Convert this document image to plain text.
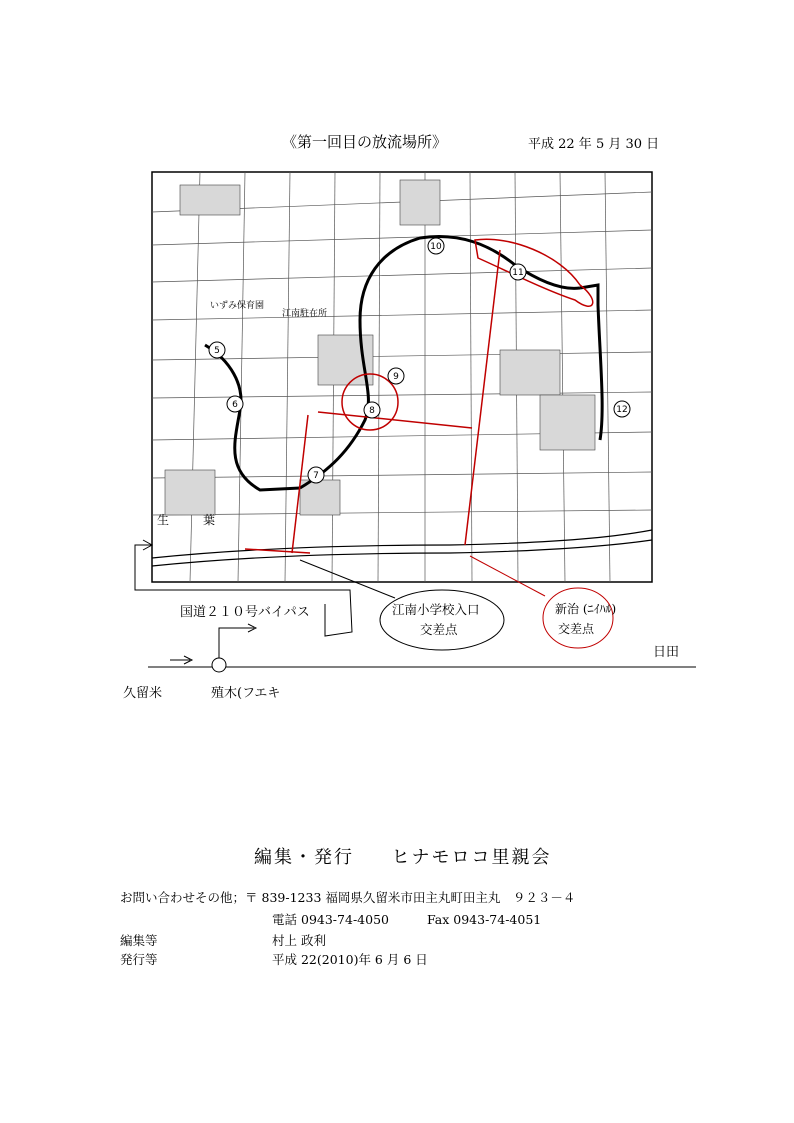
《第一回目の放流場所》	平成 22 年 5 月 30 日
5
6
7
8
9
10
11
12
いずみ保育園
江南駐在所
生	葉
国道２１０号バイパス	江南小学校入口
交差点
新治 (ﾆｲﾊﾙ)
交差点
日田
久留米	殖木(フエキ
編集・発行 ヒナモロコ里親会
お問い合わせその他；〒 839-1233 福岡県久留米市田主丸町田主丸　９２３－４
電話 0943-74-4050	Fax 0943-74-4051
編集等	村上 政利
発行等	平成 22(2010)年 6 月 6 日
